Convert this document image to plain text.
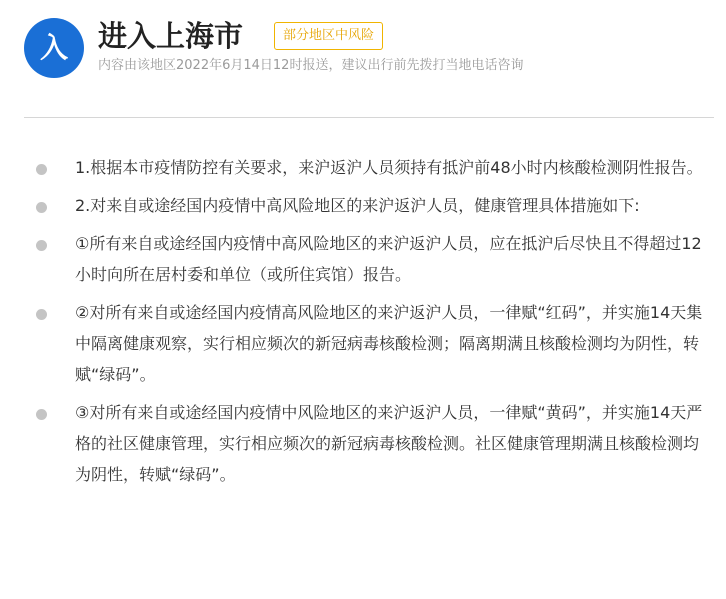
入	进入上海市	部分地区中风险
内容由该地区2022年6月14日12时报送，建议出行前先拨打当地电话咨询
1.根据本市疫情防控有关要求，来沪返沪人员须持有抵沪前48小时内核酸检测阴性报告。
2.对来自或途经国内疫情中高风险地区的来沪返沪人员，健康管理具体措施如下:
①所有来自或途经国内疫情中高风险地区的来沪返沪人员，应在抵沪后尽快且不得超过12小时向所在居村委和单位（或所住宾馆）报告。
②对所有来自或途经国内疫情高风险地区的来沪返沪人员，一律赋“红码”，并实施14天集中隔离健康观察，实行相应频次的新冠病毒核酸检测；隔离期满且核酸检测均为阴性，转赋“绿码”。
③对所有来自或途经国内疫情中风险地区的来沪返沪人员，一律赋“黄码”，并实施14天严格的社区健康管理，实行相应频次的新冠病毒核酸检测。社区健康管理期满且核酸检测均为阴性，转赋“绿码”。
